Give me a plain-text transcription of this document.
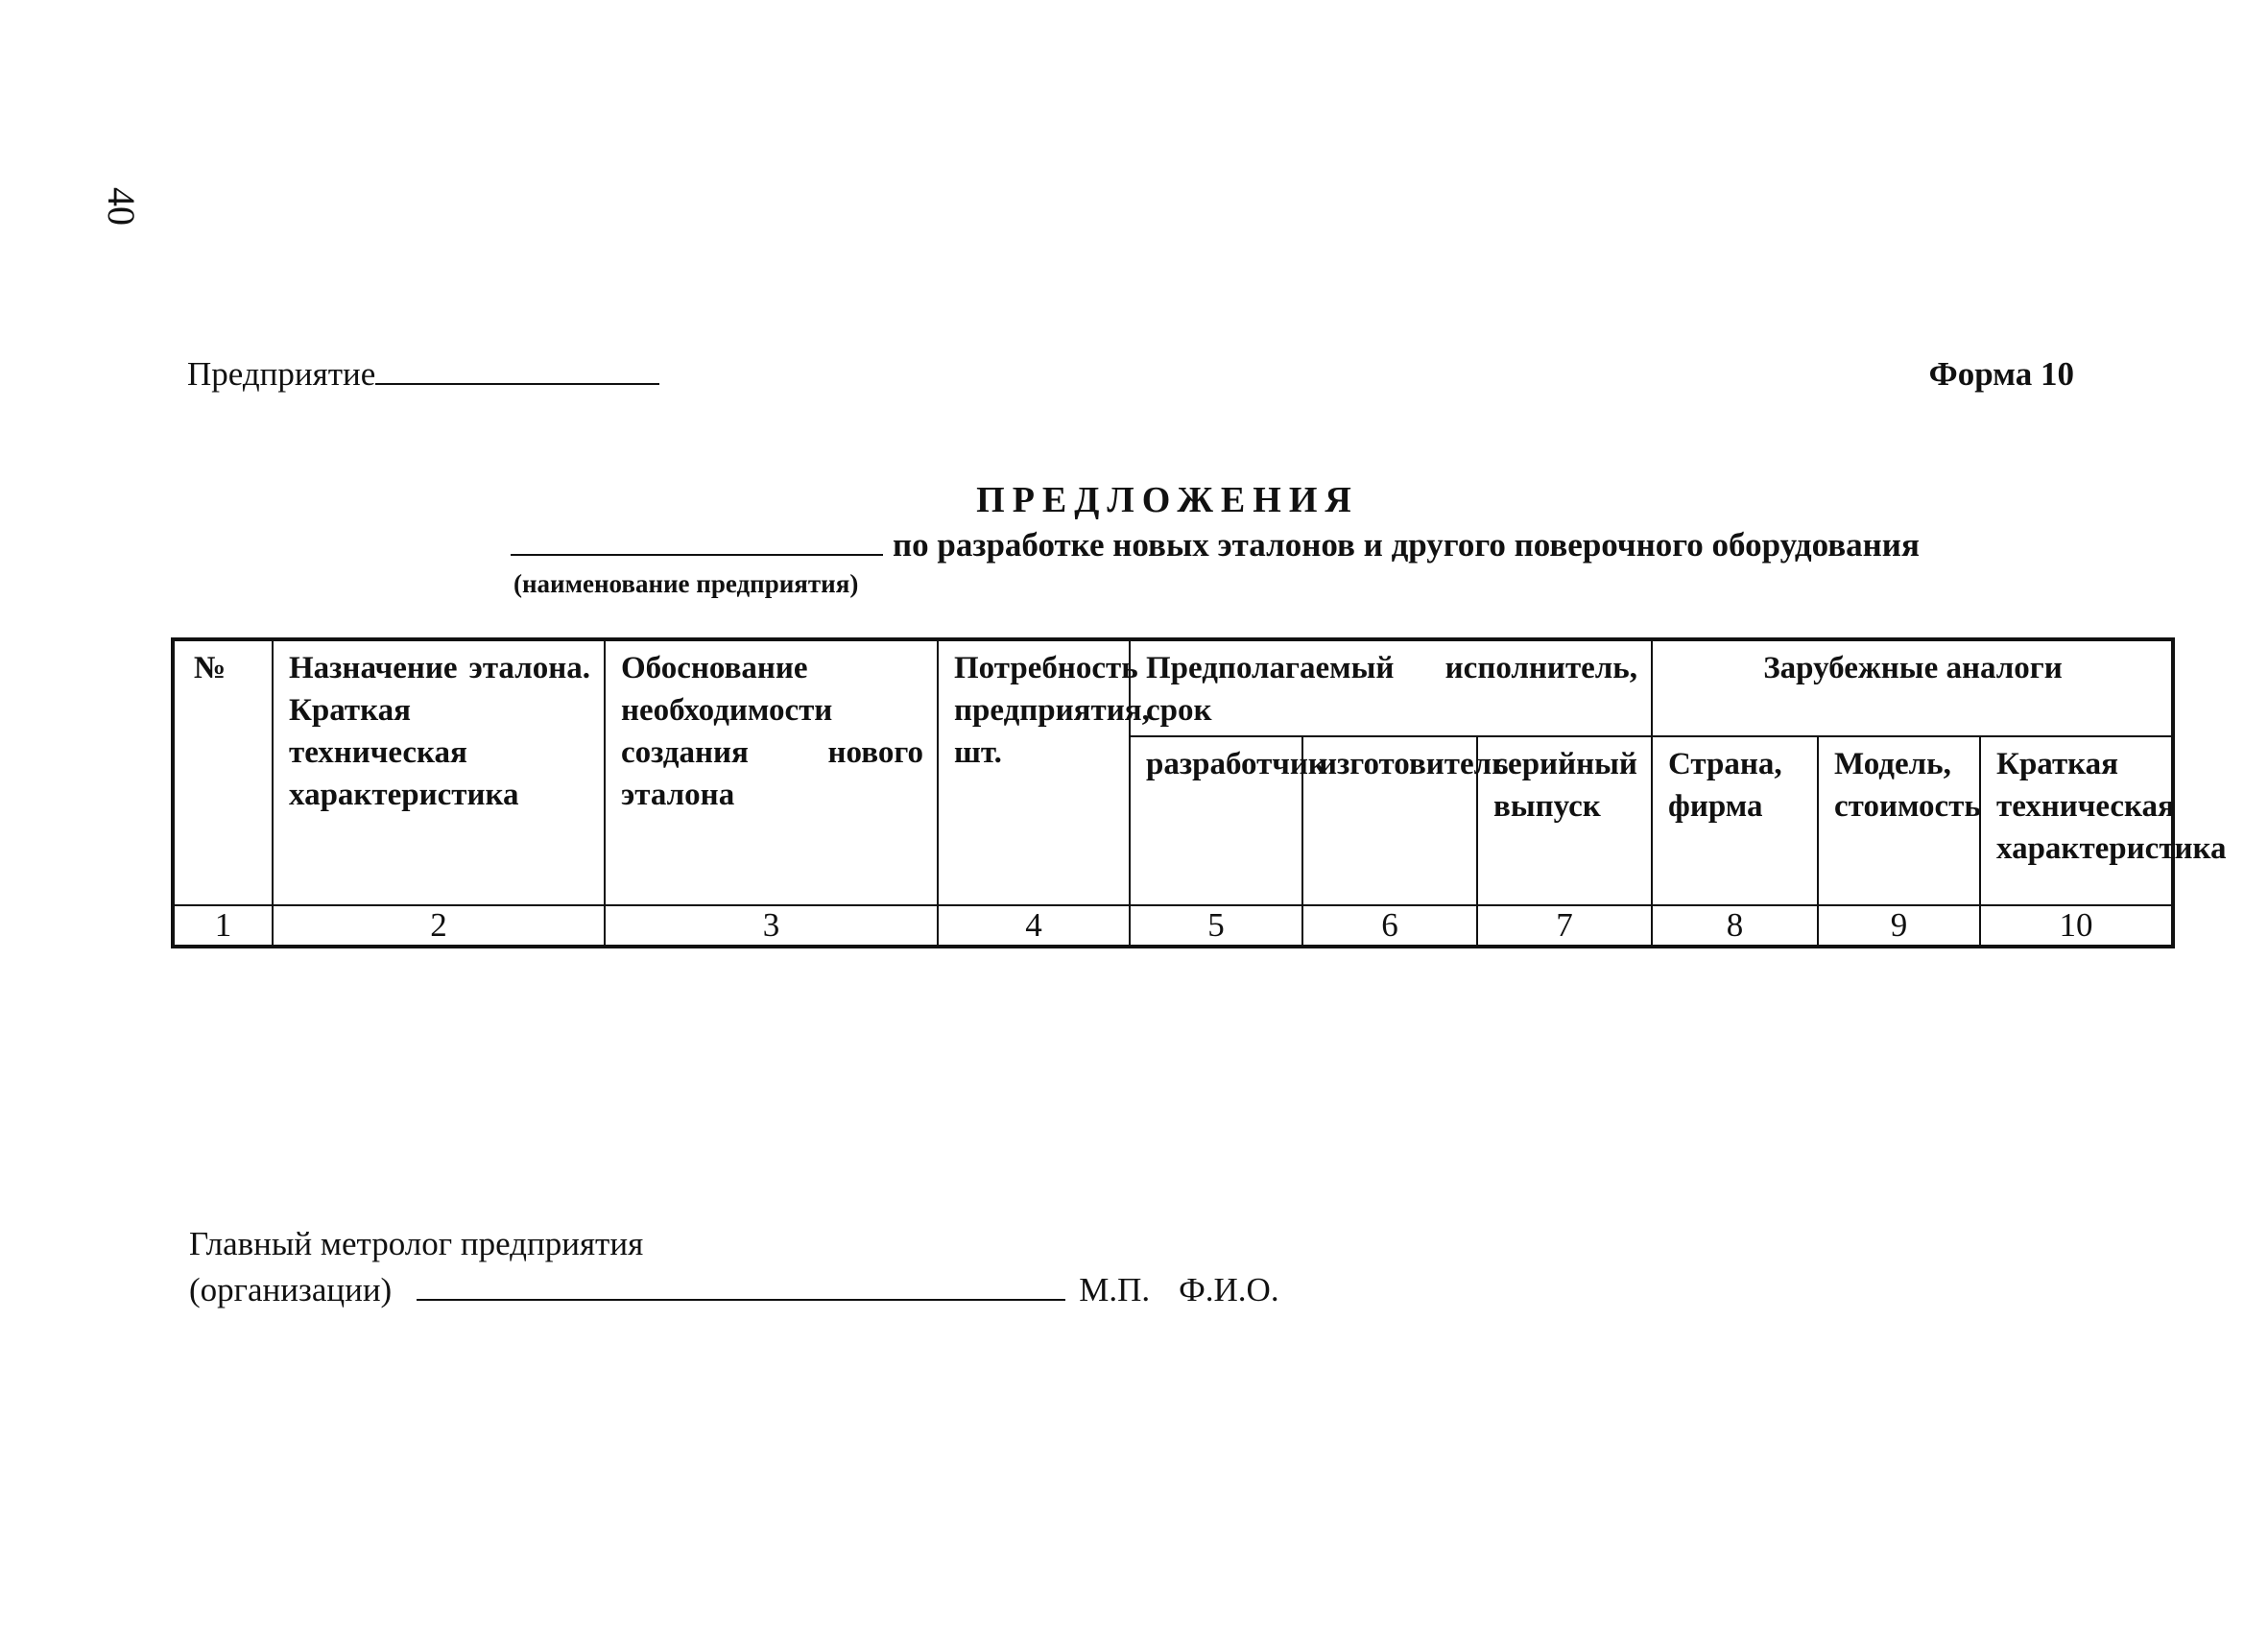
40
Предприятие	Форма 10
ПРЕДЛОЖЕНИЯ
по разработке новых эталонов и другого поверочного оборудования
(наименование предприятия)
№	Назначение эталона. Краткая техническая характеристика	Обоснование необходимости создания нового эталона	Потребность предприятия, шт.	Предполагаемый исполнитель, срок			Зарубежные аналоги		
				разработчик	изготовитель	серийный выпуск	Страна, фирма	Модель, стоимость	Краткая техническая характеристика
1	2	3	4	5	6	7	8	9	10
Главный метролог предприятия
(организации)	М.П. Ф.И.О.
